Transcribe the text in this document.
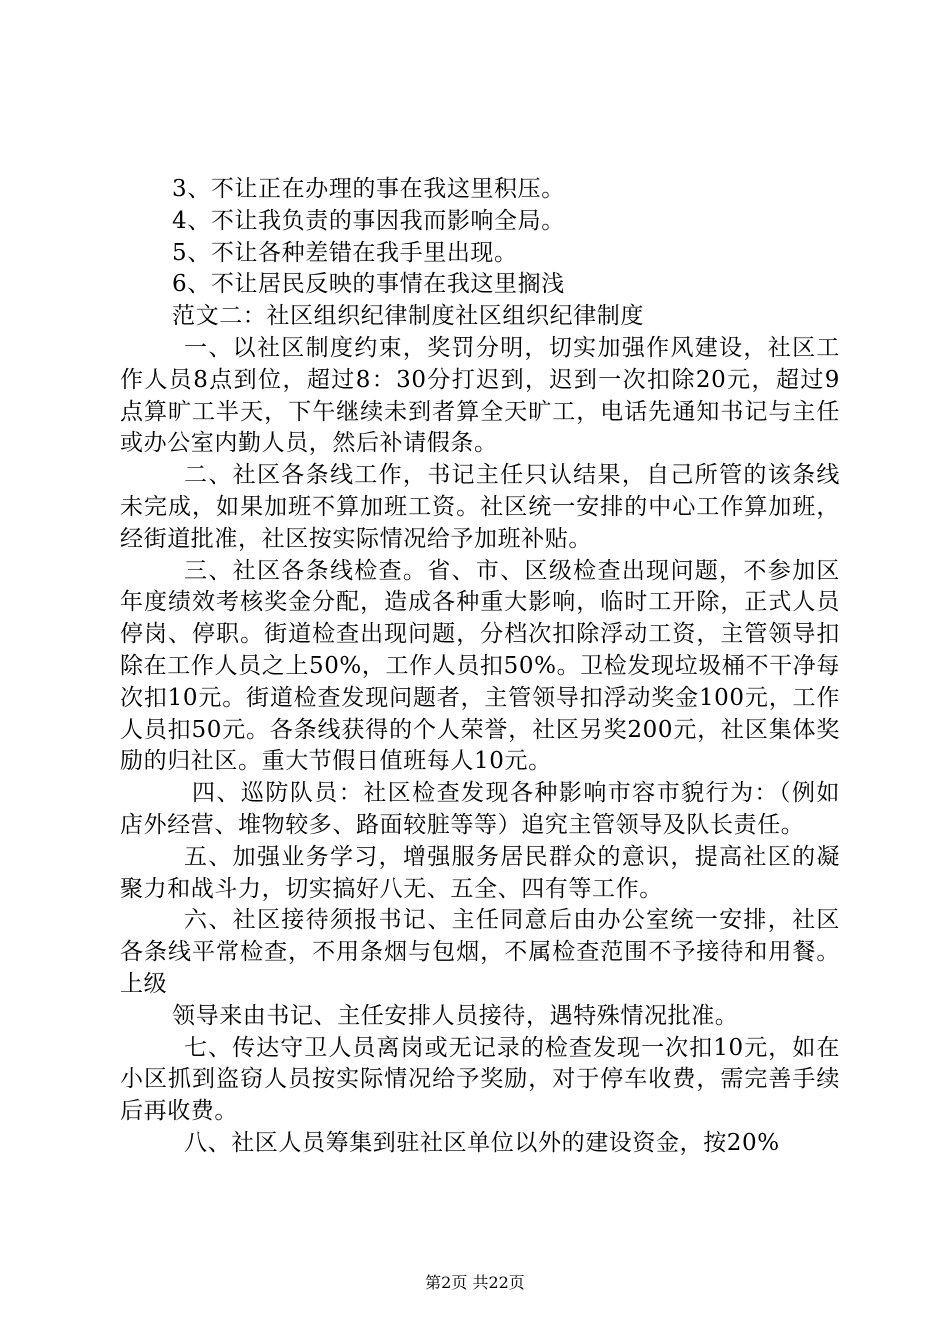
3、不让正在办理的事在我这里积压。

4、不让我负责的事因我而影响全局。

5、不让各种差错在我手里出现。

6、不让居民反映的事情在我这里搁浅

范文二：社区组织纪律制度社区组织纪律制度

一、以社区制度约束，奖罚分明，切实加强作风建设，社区工作人员8点到位，超过8：30分打迟到，迟到一次扣除20元，超过9点算旷工半天，下午继续未到者算全天旷工，电话先通知书记与主任或办公室内勤人员，然后补请假条。

二、社区各条线工作，书记主任只认结果，自己所管的该条线未完成，如果加班不算加班工资。社区统一安排的中心工作算加班，经街道批准，社区按实际情况给予加班补贴。

三、社区各条线检查。省、市、区级检查出现问题，不参加区年度绩效考核奖金分配，造成各种重大影响，临时工开除，正式人员停岗、停职。街道检查出现问题，分档次扣除浮动工资，主管领导扣除在工作人员之上50%，工作人员扣50%。卫检发现垃圾桶不干净每次扣10元。街道检查发现问题者，主管领导扣浮动奖金100元，工作人员扣50元。各条线获得的个人荣誉，社区另奖200元，社区集体奖励的归社区。重大节假日值班每人10元。

四、巡防队员：社区检查发现各种影响市容市貌行为：（例如店外经营、堆物较多、路面较脏等等）追究主管领导及队长责任。

五、加强业务学习，增强服务居民群众的意识，提高社区的凝聚力和战斗力，切实搞好八无、五全、四有等工作。

六、社区接待须报书记、主任同意后由办公室统一安排，社区各条线平常检查，不用条烟与包烟，不属检查范围不予接待和用餐。上级

领导来由书记、主任安排人员接待，遇特殊情况批准。

七、传达守卫人员离岗或无记录的检查发现一次扣10元，如在小区抓到盗窃人员按实际情况给予奖励，对于停车收费，需完善手续后再收费。

八、社区人员筹集到驻社区单位以外的建设资金，按20%

第2页 共22页
